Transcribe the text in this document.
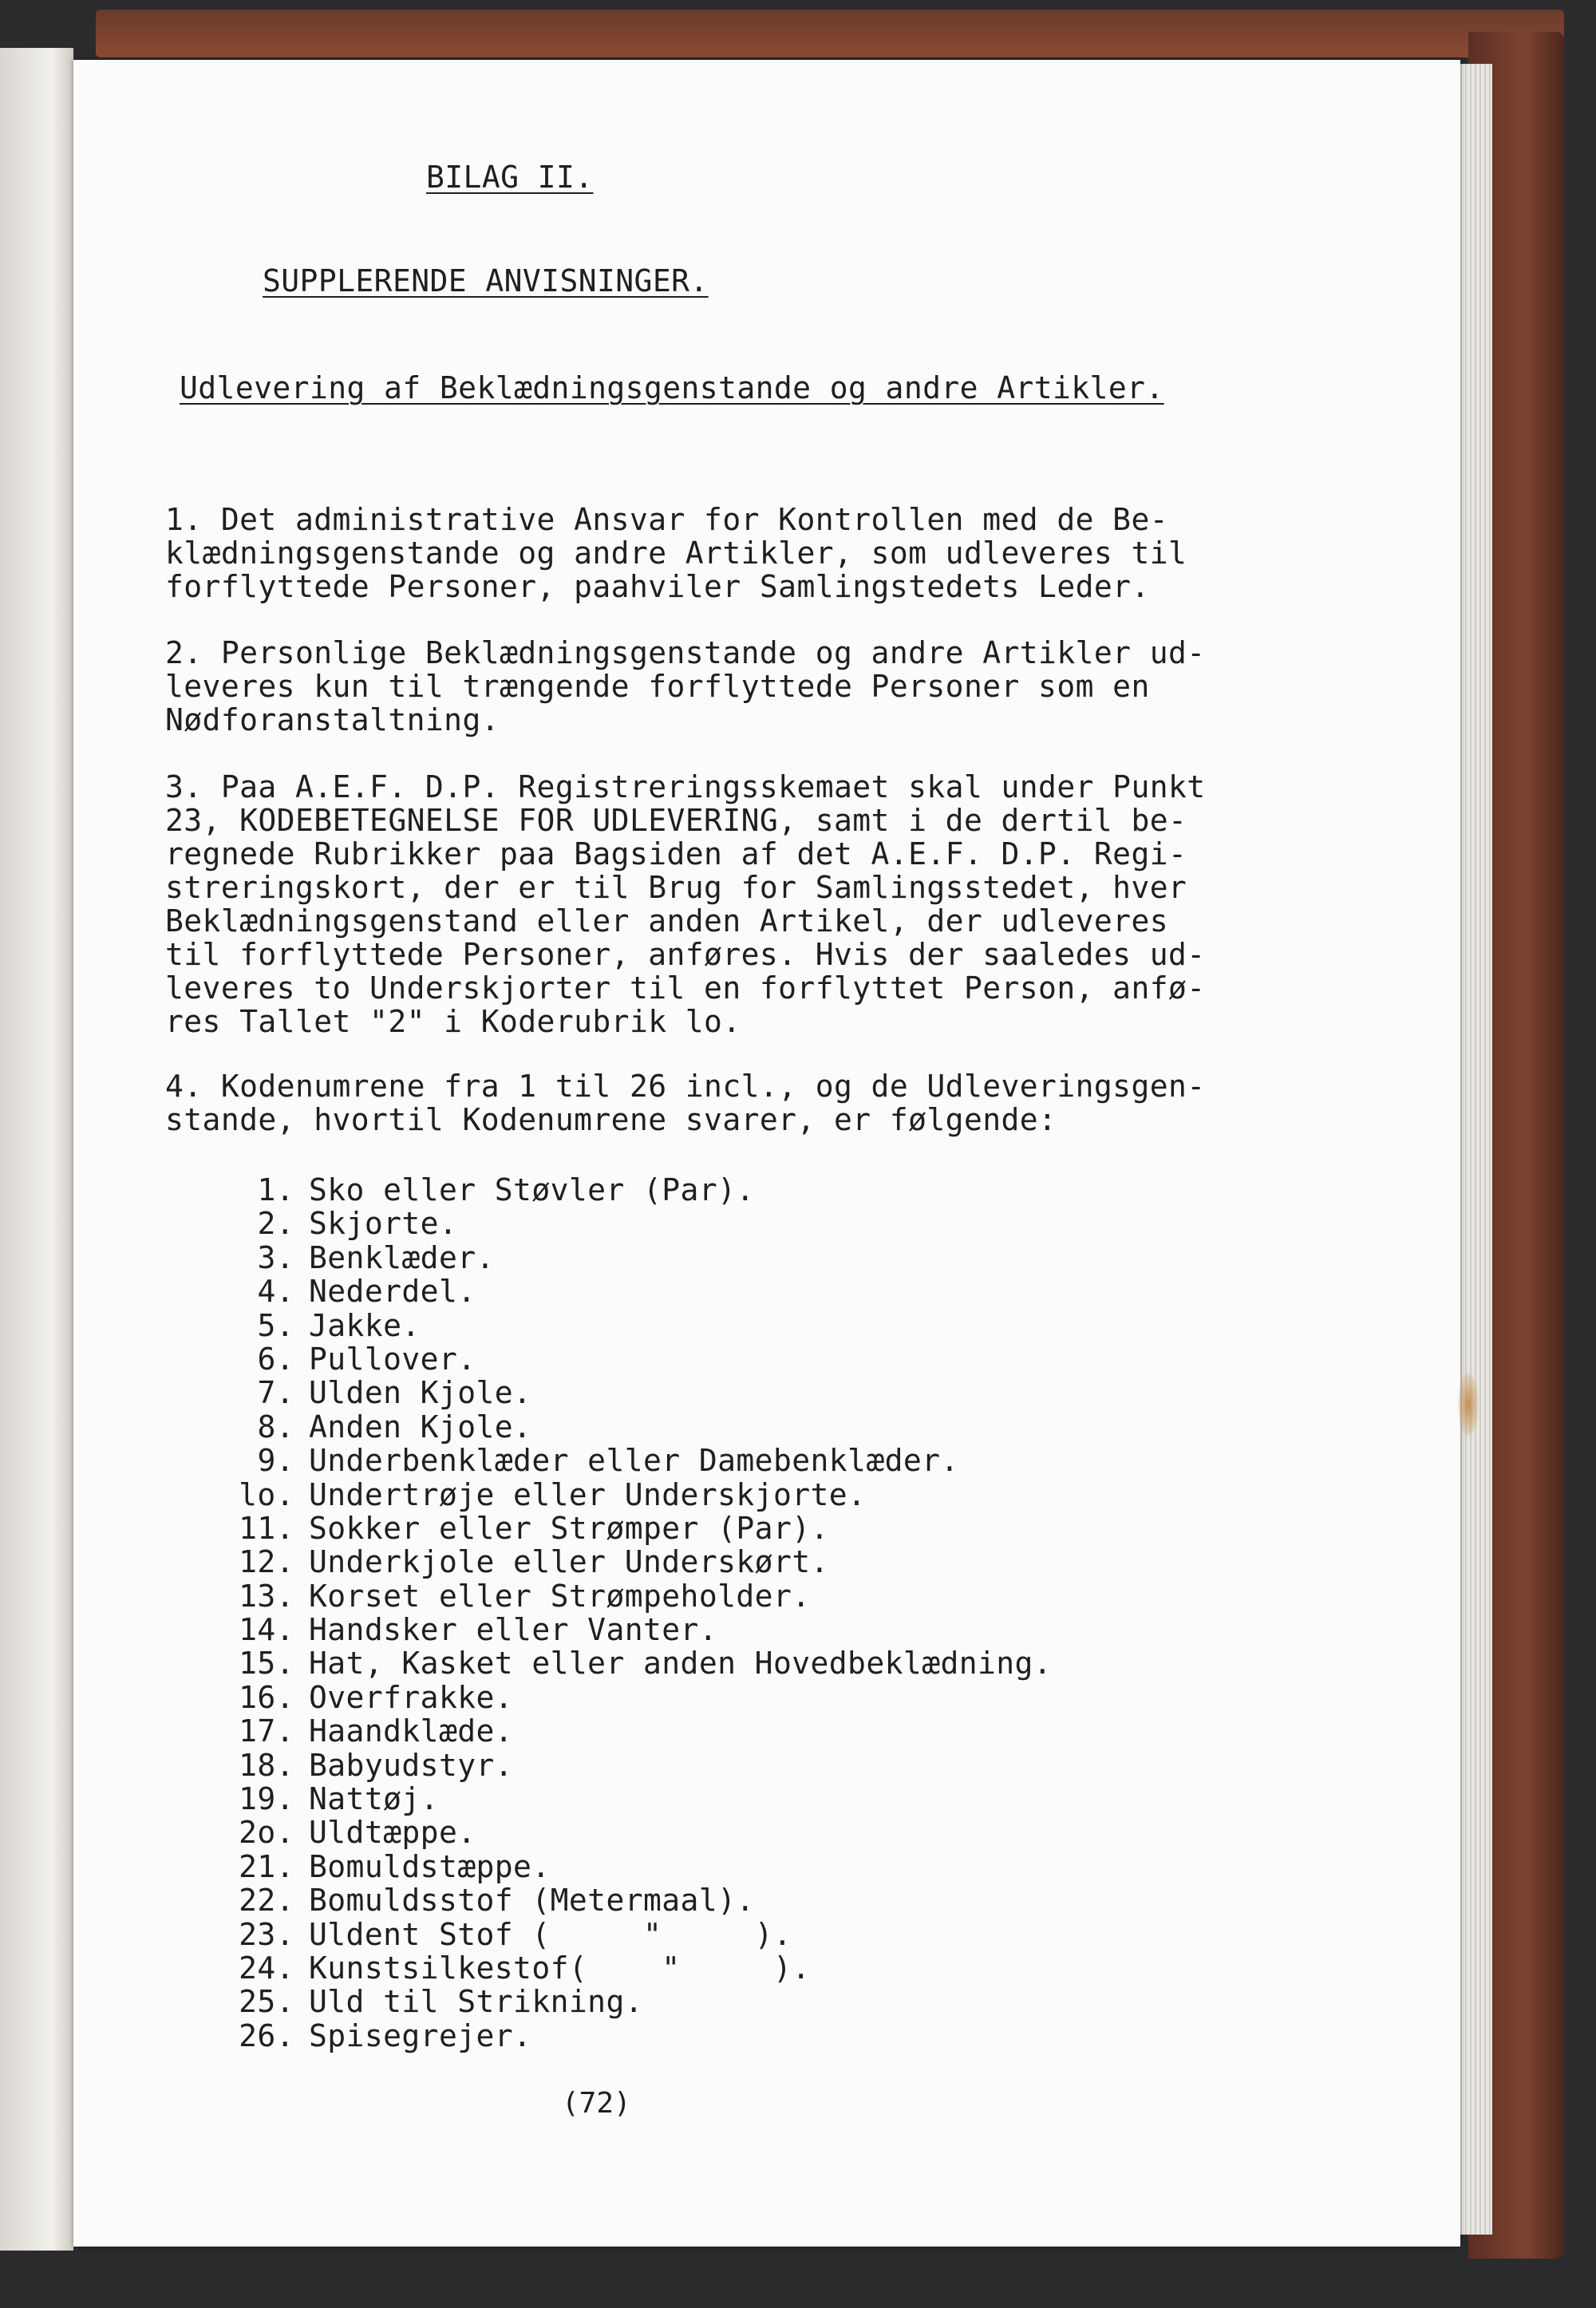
BILAG II.
SUPPLERENDE ANVISNINGER.
Udlevering af Beklædningsgenstande og andre Artikler.
1. Det administrative Ansvar for Kontrollen med de Be-
klædningsgenstande og andre Artikler, som udleveres til
forflyttede Personer, paahviler Samlingstedets Leder.
2. Personlige Beklædningsgenstande og andre Artikler ud-
leveres kun til trængende forflyttede Personer som en
Nødforanstaltning.
3. Paa A.E.F. D.P. Registreringsskemaet skal under Punkt
23, KODEBETEGNELSE FOR UDLEVERING, samt i de dertil be-
regnede Rubrikker paa Bagsiden af det A.E.F. D.P. Regi-
streringskort, der er til Brug for Samlingsstedet, hver
Beklædningsgenstand eller anden Artikel, der udleveres
til forflyttede Personer, anføres. Hvis der saaledes ud-
leveres to Underskjorter til en forflyttet Person, anfø-
res Tallet "2" i Koderubrik lo.
4. Kodenumrene fra 1 til 26 incl., og de Udleveringsgen-
stande, hvortil Kodenumrene svarer, er følgende:
1. Sko eller Støvler (Par).
2. Skjorte.
3. Benklæder.
4. Nederdel.
5. Jakke.
6. Pullover.
7. Ulden Kjole.
8. Anden Kjole.
9. Underbenklæder eller Damebenklæder.
lo. Undertrøje eller Underskjorte.
11. Sokker eller Strømper (Par).
12. Underkjole eller Underskørt.
13. Korset eller Strømpeholder.
14. Handsker eller Vanter.
15. Hat, Kasket eller anden Hovedbeklædning.
16. Overfrakke.
17. Haandklæde.
18. Babyudstyr.
19. Nattøj.
2o. Uldtæppe.
21. Bomuldstæppe.
22. Bomuldsstof (Metermaal).
23. Uldent Stof (     "     ).
24. Kunstsilkestof(    "     ).
25. Uld til Strikning.
26. Spisegrejer.
(72)
